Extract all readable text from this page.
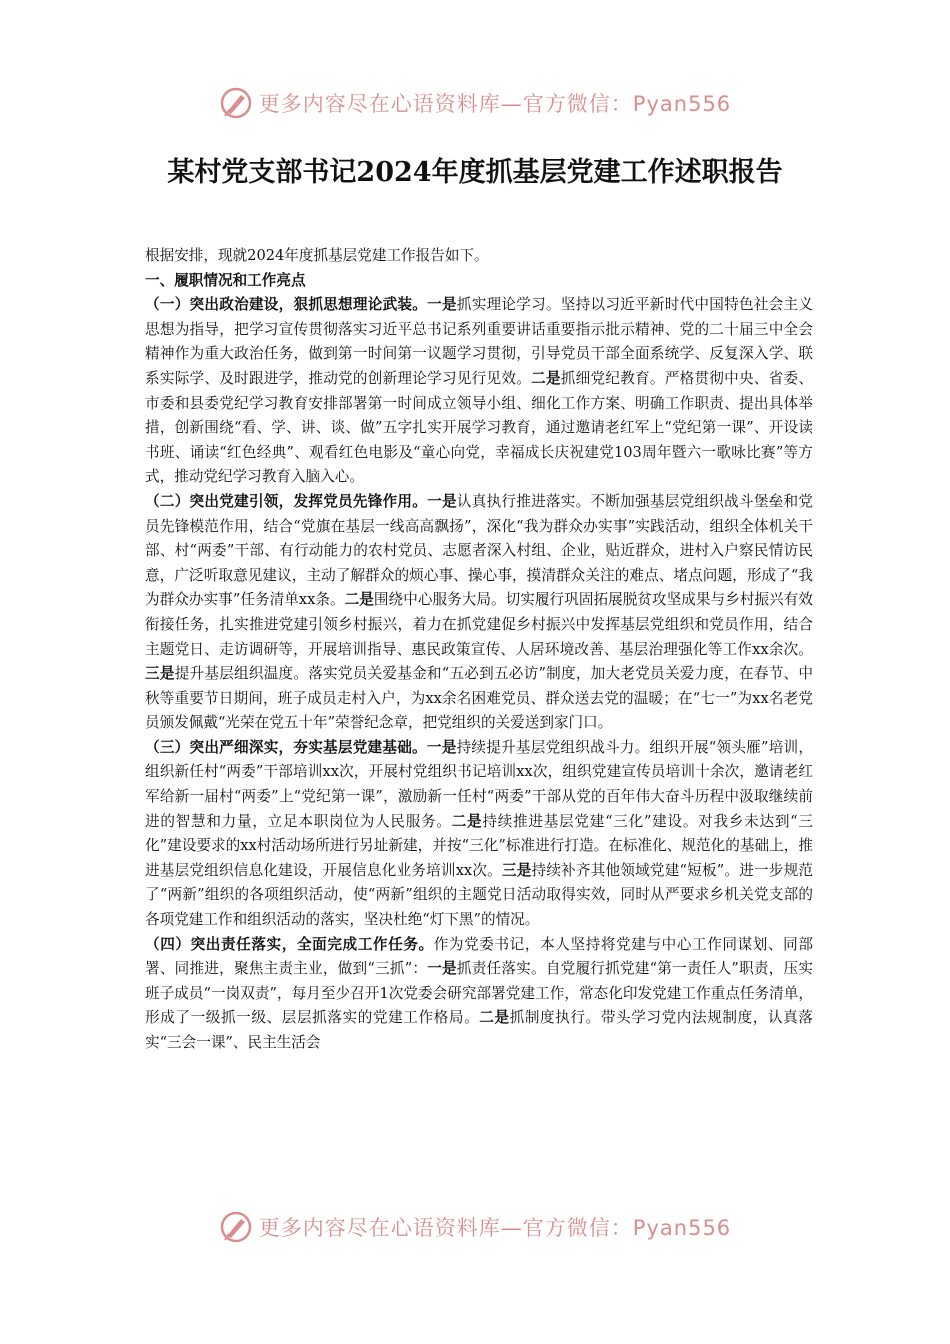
更多内容尽在心语资料库—官方微信：Pyan556
某村党支部书记2024年度抓基层党建工作述职报告

根据安排，现就2024年度抓基层党建工作报告如下。

一、履职情况和工作亮点

（一）突出政治建设，狠抓思想理论武装。一是抓实理论学习。坚持以习近平新时代中国特色社会主义思想为指导，把学习宣传贯彻落实习近平总书记系列重要讲话重要指示批示精神、党的二十届三中全会精神作为重大政治任务，做到第一时间第一议题学习贯彻，引导党员干部全面系统学、反复深入学、联系实际学、及时跟进学，推动党的创新理论学习见行见效。二是抓细党纪教育。严格贯彻中央、省委、市委和县委党纪学习教育安排部署第一时间成立领导小组、细化工作方案、明确工作职责、提出具体举措，创新围绕“看、学、讲、谈、做”五字扎实开展学习教育，通过邀请老红军上“党纪第一课”、开设读书班、诵读“红色经典”、观看红色电影及“童心向党，幸福成长庆祝建党103周年暨六一歌咏比赛”等方式，推动党纪学习教育入脑入心。

（二）突出党建引领，发挥党员先锋作用。一是认真执行推进落实。不断加强基层党组织战斗堡垒和党员先锋模范作用，结合“党旗在基层一线高高飘扬”，深化“我为群众办实事”实践活动，组织全体机关干部、村“两委”干部、有行动能力的农村党员、志愿者深入村组、企业，贴近群众，进村入户察民情访民意，广泛听取意见建议，主动了解群众的烦心事、操心事，摸清群众关注的难点、堵点问题，形成了“我为群众办实事”任务清单xx条。二是围绕中心服务大局。切实履行巩固拓展脱贫攻坚成果与乡村振兴有效衔接任务，扎实推进党建引领乡村振兴，着力在抓党建促乡村振兴中发挥基层党组织和党员作用，结合主题党日、走访调研等，开展培训指导、惠民政策宣传、人居环境改善、基层治理强化等工作xx余次。三是提升基层组织温度。落实党员关爱基金和“五必到五必访”制度，加大老党员关爱力度，在春节、中秋等重要节日期间，班子成员走村入户，为xx余名困难党员、群众送去党的温暖；在“七一”为xx名老党员颁发佩戴“光荣在党五十年”荣誉纪念章，把党组织的关爱送到家门口。

（三）突出严细深实，夯实基层党建基础。一是持续提升基层党组织战斗力。组织开展“领头雁”培训，组织新任村“两委”干部培训xx次，开展村党组织书记培训xx次，组织党建宣传员培训十余次，邀请老红军给新一届村“两委”上“党纪第一课”，激励新一任村“两委”干部从党的百年伟大奋斗历程中汲取继续前进的智慧和力量，立足本职岗位为人民服务。二是持续推进基层党建“三化”建设。对我乡未达到“三化”建设要求的xx村活动场所进行另址新建，并按“三化”标准进行打造。在标准化、规范化的基础上，推进基层党组织信息化建设，开展信息化业务培训xx次。三是持续补齐其他领域党建“短板”。进一步规范了“两新”组织的各项组织活动，使“两新”组织的主题党日活动取得实效，同时从严要求乡机关党支部的各项党建工作和组织活动的落实，坚决杜绝“灯下黑”的情况。

（四）突出责任落实，全面完成工作任务。作为党委书记，本人坚持将党建与中心工作同谋划、同部署、同推进，聚焦主责主业，做到“三抓”：一是抓责任落实。自党履行抓党建“第一责任人”职责，压实班子成员“一岗双责”，每月至少召开1次党委会研究部署党建工作，常态化印发党建工作重点任务清单，形成了一级抓一级、层层抓落实的党建工作格局。二是抓制度执行。带头学习党内法规制度，认真落实“三会一课”、民主生活会

更多内容尽在心语资料库—官方微信：Pyan556
